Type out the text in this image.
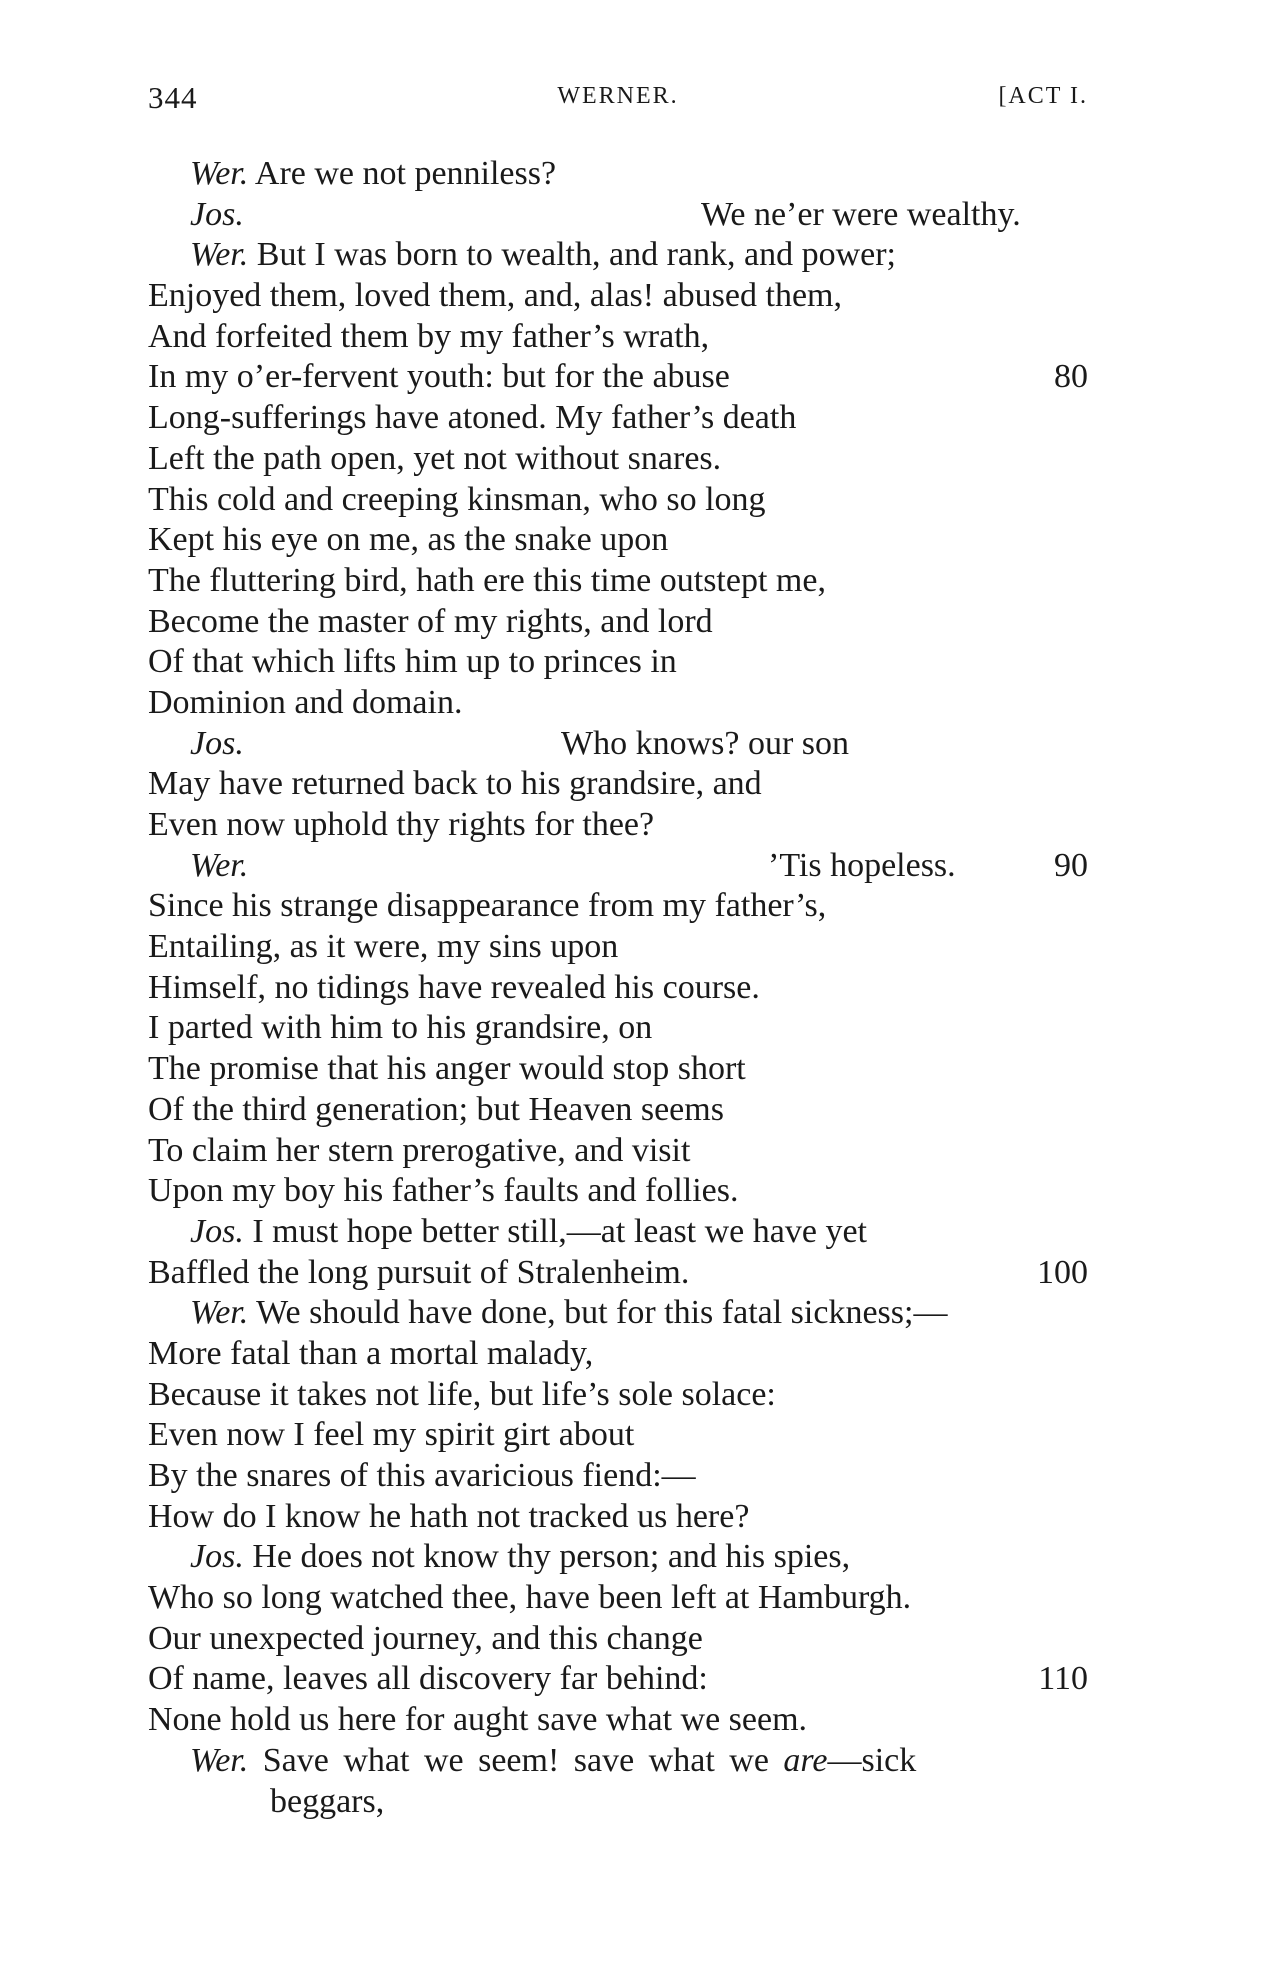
344	WERNER.	[ACT I.
Wer. Are we not penniless?
Jos.	We ne’er were wealthy.
Wer. But I was born to wealth, and rank, and power;
Enjoyed them, loved them, and, alas! abused them,
And forfeited them by my father’s wrath,
In my o’er-fervent youth: but for the abuse	80
Long-sufferings have atoned. My father’s death
Left the path open, yet not without snares.
This cold and creeping kinsman, who so long
Kept his eye on me, as the snake upon
The fluttering bird, hath ere this time outstept me,
Become the master of my rights, and lord
Of that which lifts him up to princes in
Dominion and domain.
Jos.	Who knows? our son
May have returned back to his grandsire, and
Even now uphold thy rights for thee?
Wer.	’Tis hopeless.	90
Since his strange disappearance from my father’s,
Entailing, as it were, my sins upon
Himself, no tidings have revealed his course.
I parted with him to his grandsire, on
The promise that his anger would stop short
Of the third generation; but Heaven seems
To claim her stern prerogative, and visit
Upon my boy his father’s faults and follies.
Jos. I must hope better still,—at least we have yet
Baffled the long pursuit of Stralenheim.	100
Wer. We should have done, but for this fatal sickness;—
More fatal than a mortal malady,
Because it takes not life, but life’s sole solace:
Even now I feel my spirit girt about
By the snares of this avaricious fiend:—
How do I know he hath not tracked us here?
Jos. He does not know thy person; and his spies,
Who so long watched thee, have been left at Hamburgh.
Our unexpected journey, and this change
Of name, leaves all discovery far behind:	110
None hold us here for aught save what we seem.
Wer. Save what we seem! save what we are—sick
beggars,
